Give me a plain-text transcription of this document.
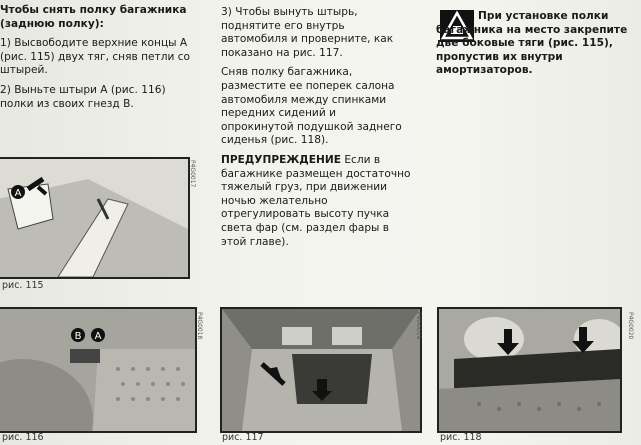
Чтобы снять полку багажника (заднюю полку):

1) Высвободите верхние концы А (рис. 115) двух тяг, сняв петли со штырей.

2) Выньте штыри А (рис. 116) полки из своих гнезд В.

3) Чтобы вынуть штырь, поднятите его внутрь автомобиля и проверните, как показано на рис. 117.

Сняв полку багажника, разместите ее поперек салона автомобиля между спинками передних сидений и опрокинутой подушкой заднего сиденья (рис. 118).

ПРЕДУПРЕЖДЕНИЕ Если в багажнике размещен достаточно тяжелый груз, при движении ночью желательно отрегулировать высоту пучка света фар (см. раздел фары в этой главе).

При установке полки багажника на место закрепите две боковые тяги (рис. 115), пропустив их внутри амортизаторов.

A
P4G0017
рис. 115
B A	P4G0018
рис. 116
P4G0019
рис. 117
P4G0020
рис. 118
